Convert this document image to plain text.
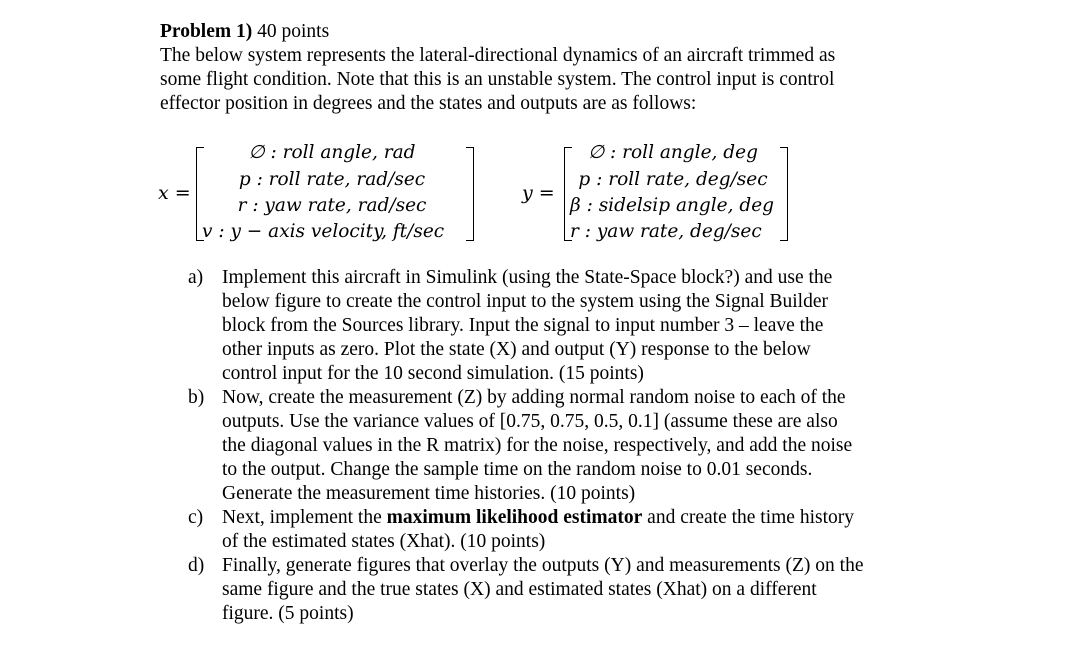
Problem 1) 40 points
The below system represents the lateral-directional dynamics of an aircraft trimmed as
some flight condition. Note that this is an unstable system. The control input is control
effector position in degrees and the states and outputs are as follows:
x =
∅ : roll angle, rad
p : roll rate, rad/sec
r : yaw rate, rad/sec
v : y − axis velocity, ft/sec
y =
∅ : roll angle, deg
p : roll rate, deg/sec
β : sidelsip angle, deg
r : yaw rate, deg/sec
a) Implement this aircraft in Simulink (using the State-Space block?) and use the
below figure to create the control input to the system using the Signal Builder
block from the Sources library. Input the signal to input number 3 – leave the
other inputs as zero. Plot the state (X) and output (Y) response to the below
control input for the 10 second simulation. (15 points)
b) Now, create the measurement (Z) by adding normal random noise to each of the
outputs. Use the variance values of [0.75, 0.75, 0.5, 0.1] (assume these are also
the diagonal values in the R matrix) for the noise, respectively, and add the noise
to the output. Change the sample time on the random noise to 0.01 seconds.
Generate the measurement time histories. (10 points)
c) Next, implement the maximum likelihood estimator and create the time history
of the estimated states (Xhat). (10 points)
d) Finally, generate figures that overlay the outputs (Y) and measurements (Z) on the
same figure and the true states (X) and estimated states (Xhat) on a different
figure. (5 points)
